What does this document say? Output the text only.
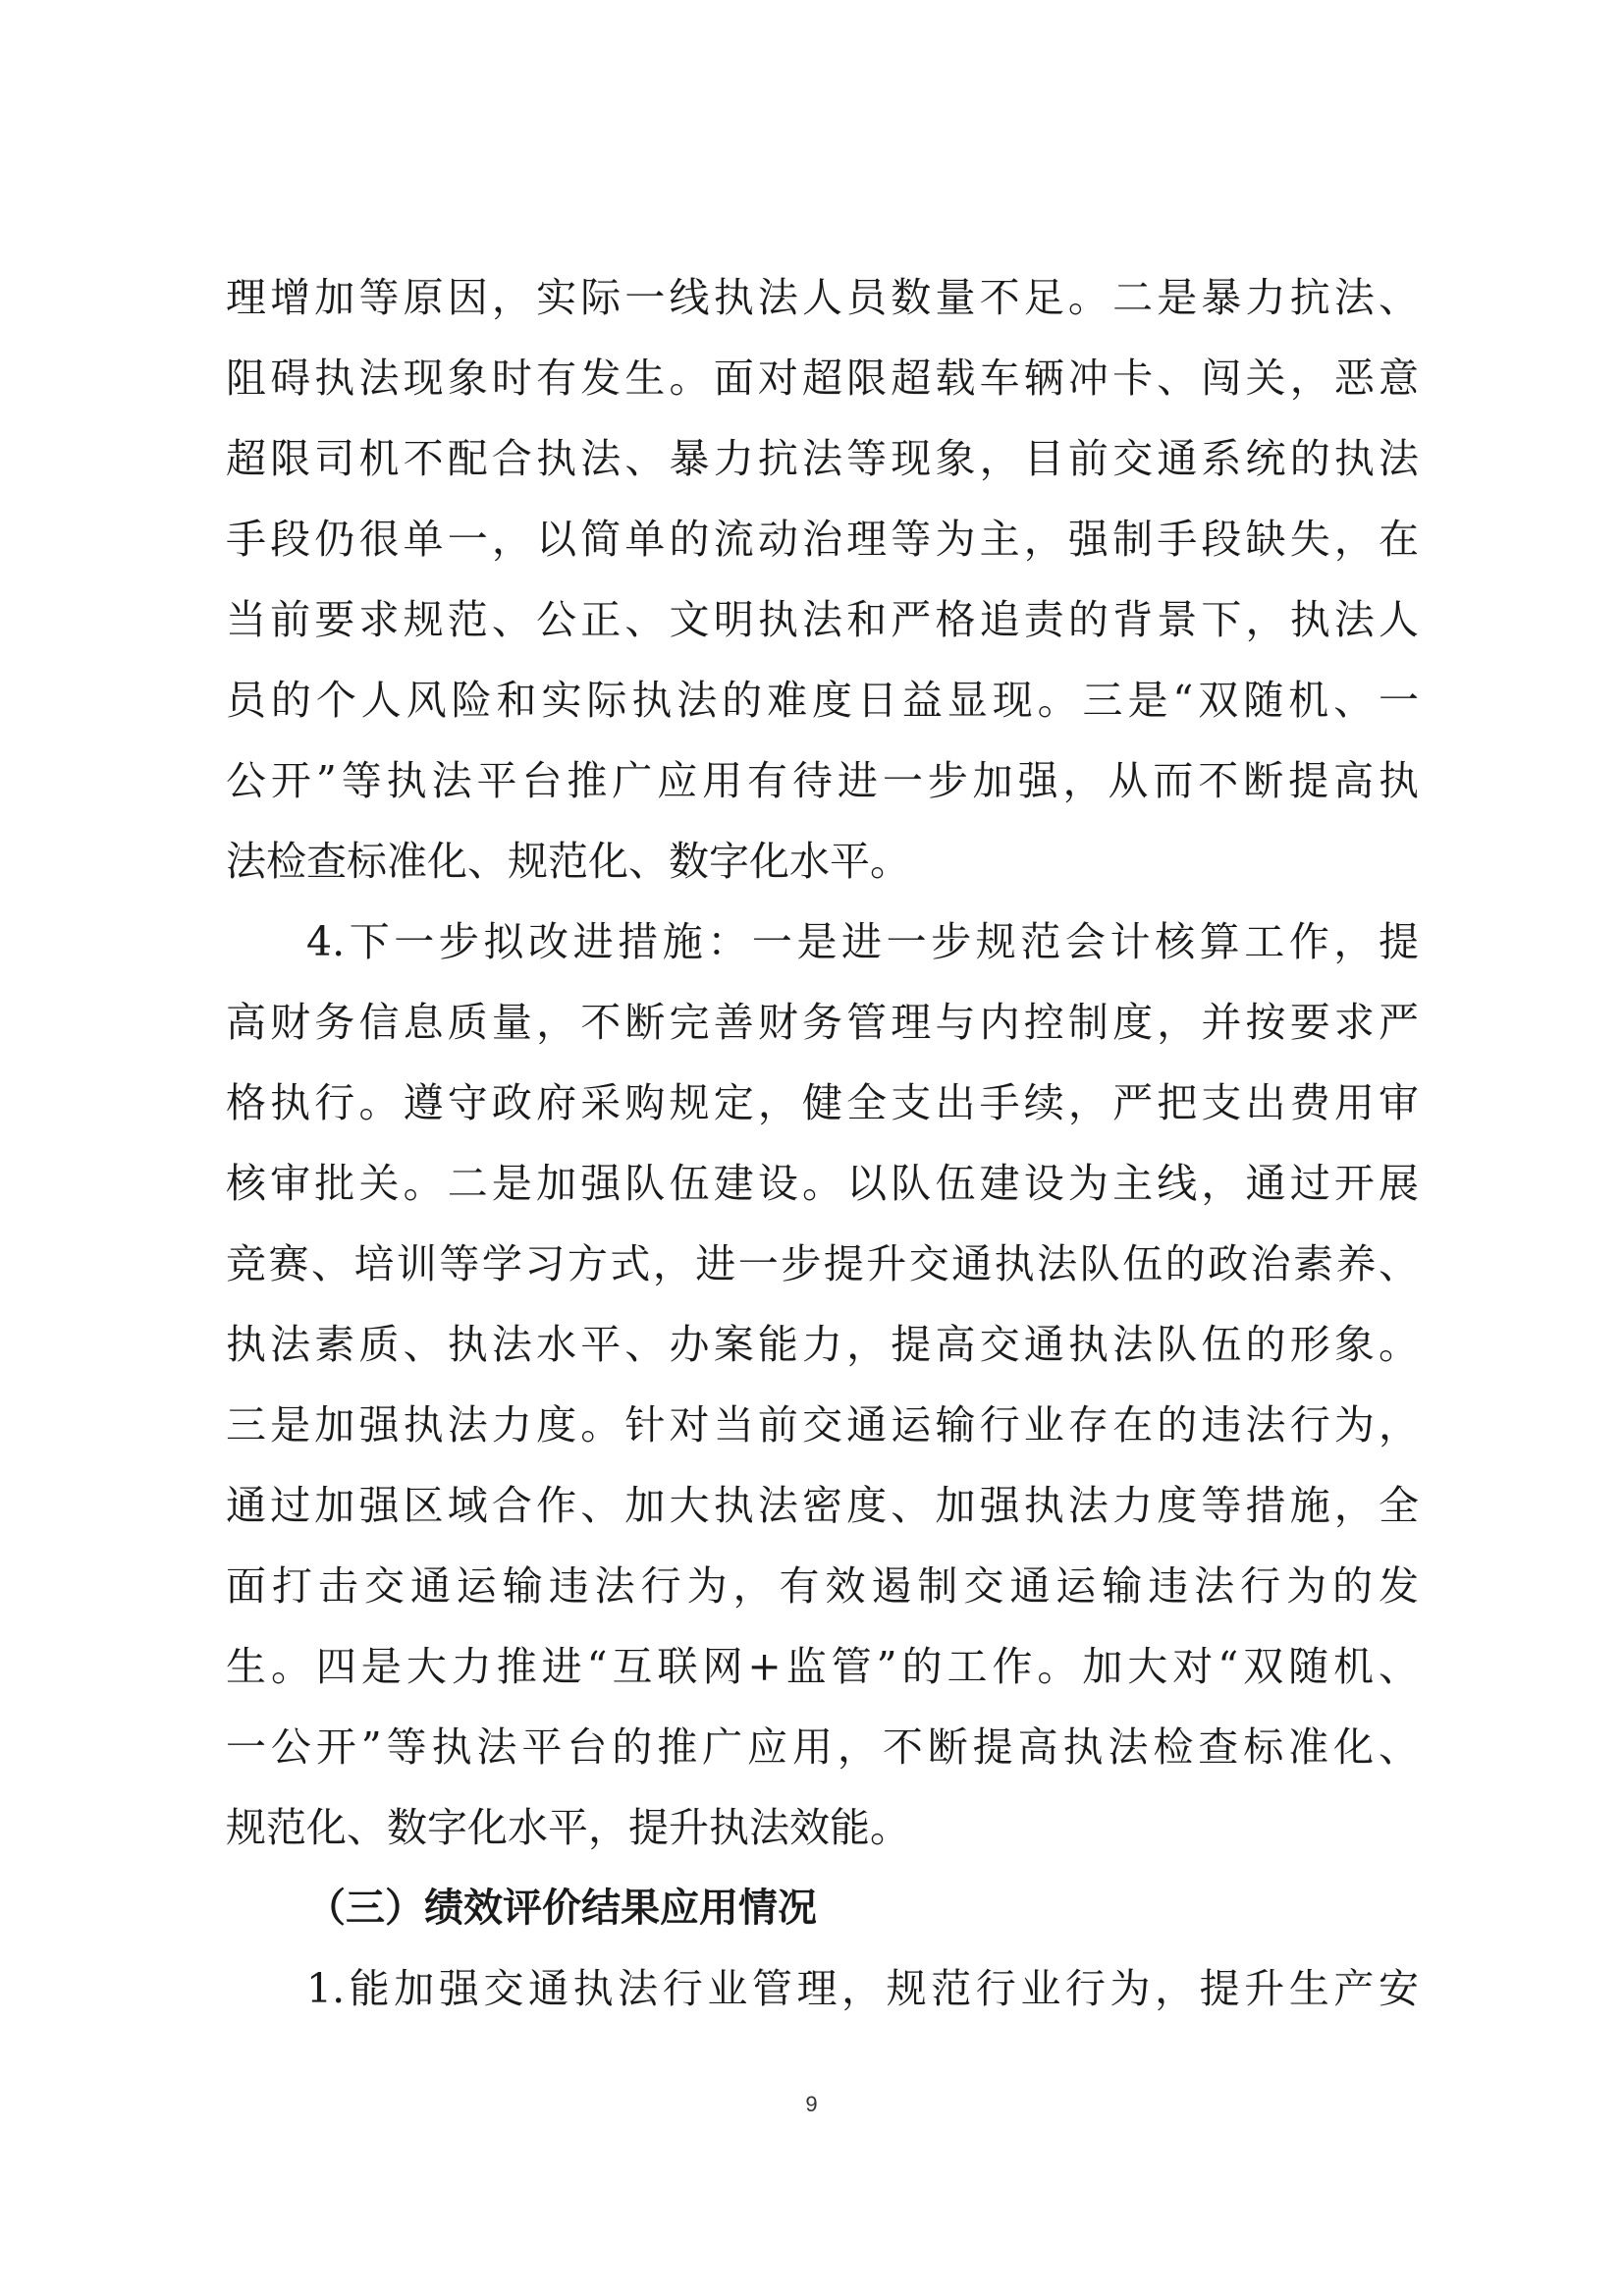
理增加等原因，实际一线执法人员数量不足。二是暴力抗法、
阻碍执法现象时有发生。面对超限超载车辆冲卡、闯关，恶意
超限司机不配合执法、暴力抗法等现象，目前交通系统的执法
手段仍很单一，以简单的流动治理等为主，强制手段缺失，在
当前要求规范、公正、文明执法和严格追责的背景下，执法人
员的个人风险和实际执法的难度日益显现。三是“双随机、一
公开”等执法平台推广应用有待进一步加强，从而不断提高执
法检查标准化、规范化、数字化水平。
4.下一步拟改进措施：一是进一步规范会计核算工作，提
高财务信息质量，不断完善财务管理与内控制度，并按要求严
格执行。遵守政府采购规定，健全支出手续，严把支出费用审
核审批关。二是加强队伍建设。以队伍建设为主线，通过开展
竞赛、培训等学习方式，进一步提升交通执法队伍的政治素养、
执法素质、执法水平、办案能力，提高交通执法队伍的形象。
三是加强执法力度。针对当前交通运输行业存在的违法行为，
通过加强区域合作、加大执法密度、加强执法力度等措施，全
面打击交通运输违法行为，有效遏制交通运输违法行为的发
生。四是大力推进“互联网+监管”的工作。加大对“双随机、
一公开”等执法平台的推广应用，不断提高执法检查标准化、
规范化、数字化水平，提升执法效能。
（三）绩效评价结果应用情况
1.能加强交通执法行业管理，规范行业行为，提升生产安
9
